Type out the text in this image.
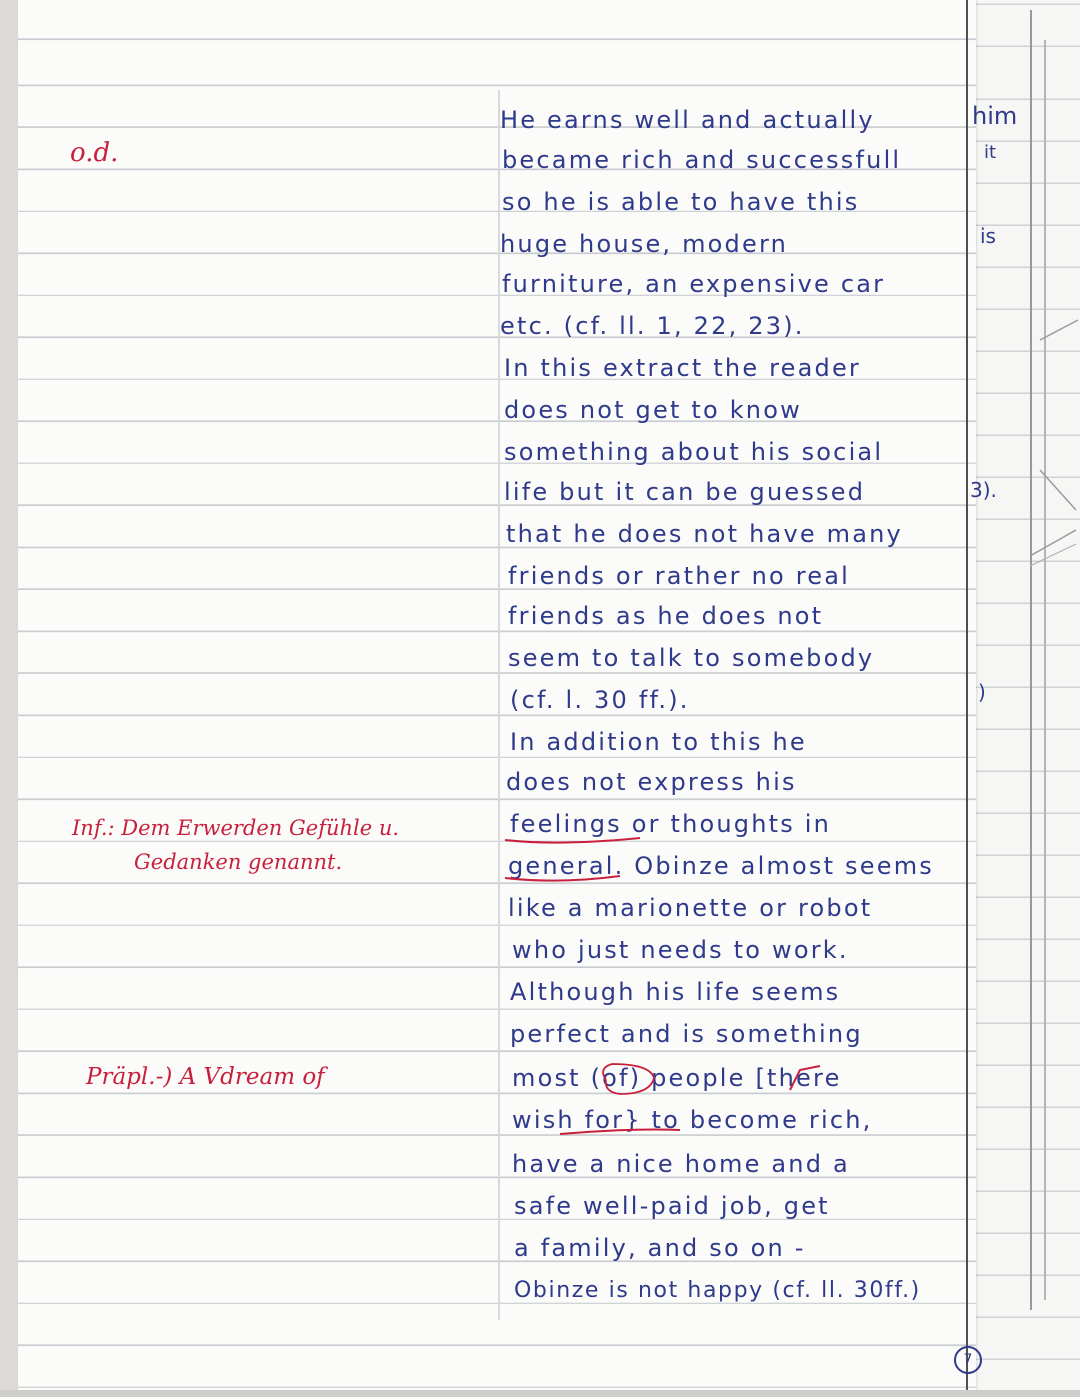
o.d.
Inf.: Dem Erwerden Gefühle u.
Gedanken genannt.
Präpl.-) A Vdream of
He earns well and actually
became rich and successfull
so he is able to have this
huge house, modern
furniture, an expensive car
etc. (cf. ll. 1, 22, 23).
In this extract the reader
does not get to know
something about his social
life but it can be guessed
that he does not have many
friends or rather no real
friends as he does not
seem to talk to somebody
(cf. l. 30 ff.).
In addition to this he
does not express his
feelings or thoughts in
general. Obinze almost seems
like a marionette or robot
who just needs to work.
Although his life seems
perfect and is something
most (of) people [there
wish for} to become rich,
have a nice home and a
safe well-paid job, get
a family, and so on -
Obinze is not happy (cf. ll. 30ff.)
him
it
is
3).
)
7
